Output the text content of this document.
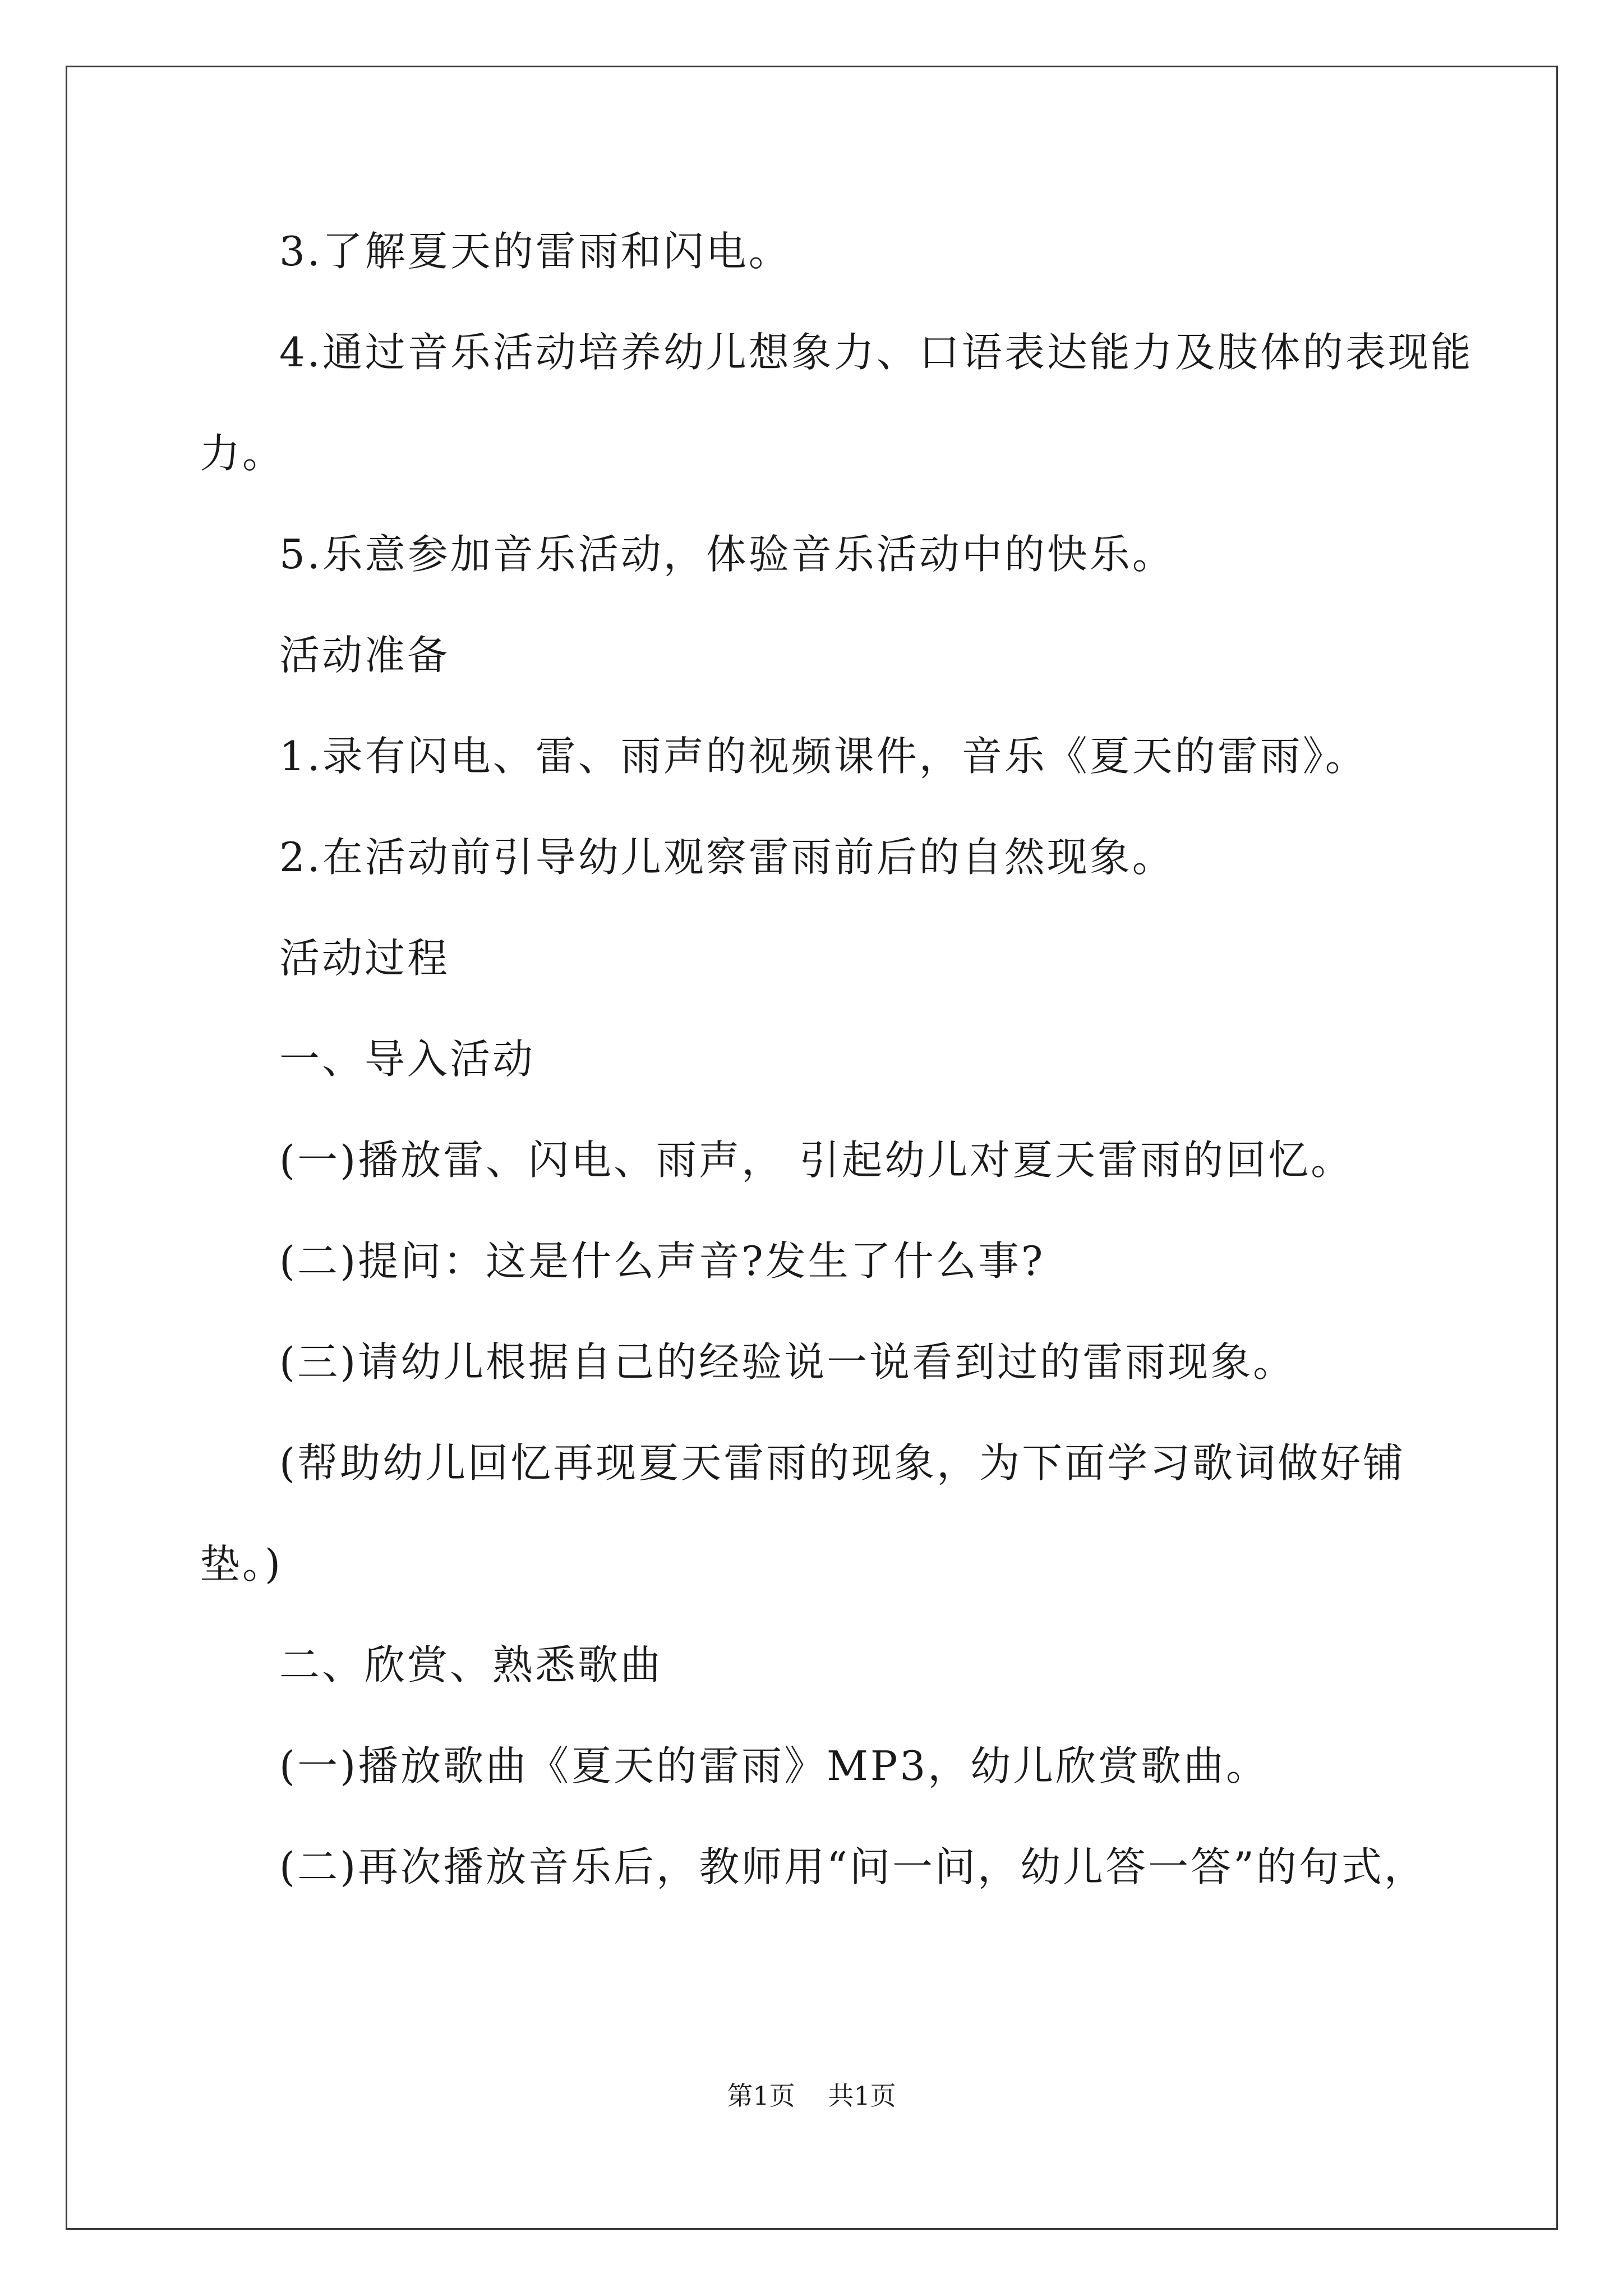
3.了解夏天的雷雨和闪电。
4.通过音乐活动培养幼儿想象力、口语表达能力及肢体的表现能
力。
5.乐意参加音乐活动，体验音乐活动中的快乐。
活动准备
1.录有闪电、雷、雨声的视频课件，音乐《夏天的雷雨》。
2.在活动前引导幼儿观察雷雨前后的自然现象。
活动过程
一、导入活动
(一)播放雷、闪电、雨声， 引起幼儿对夏天雷雨的回忆。
(二)提问：这是什么声音?发生了什么事?
(三)请幼儿根据自己的经验说一说看到过的雷雨现象。
(帮助幼儿回忆再现夏天雷雨的现象，为下面学习歌词做好铺
垫。)
二、欣赏、熟悉歌曲
(一)播放歌曲《夏天的雷雨》MP3，幼儿欣赏歌曲。
(二)再次播放音乐后，教师用“问一问，幼儿答一答”的句式，
第1页 共1页
